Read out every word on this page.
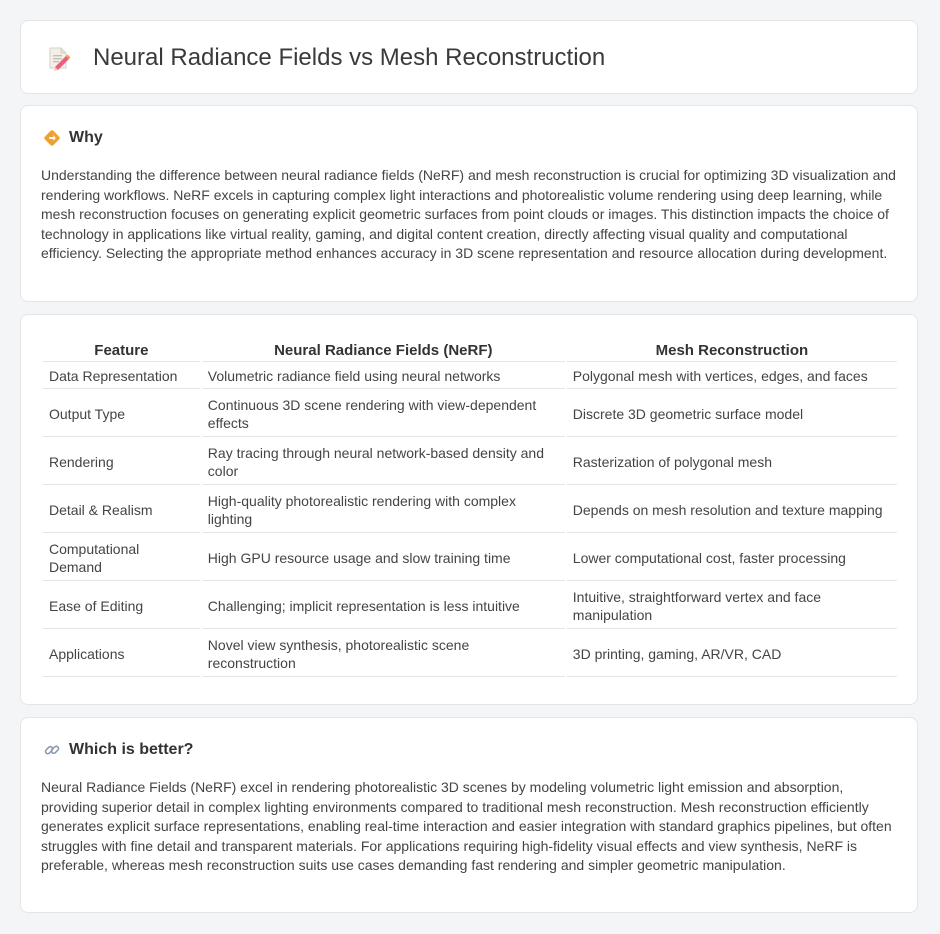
Neural Radiance Fields vs Mesh Reconstruction
Why

Understanding the difference between neural radiance fields (NeRF) and mesh reconstruction is crucial for optimizing 3D visualization and rendering workflows. NeRF excels in capturing complex light interactions and photorealistic volume rendering using deep learning, while mesh reconstruction focuses on generating explicit geometric surfaces from point clouds or images. This distinction impacts the choice of technology in applications like virtual reality, gaming, and digital content creation, directly affecting visual quality and computational efficiency. Selecting the appropriate method enhances accuracy in 3D scene representation and resource allocation during development.

Feature	Neural Radiance Fields (NeRF)	Mesh Reconstruction
Data Representation	Volumetric radiance field using neural networks	Polygonal mesh with vertices, edges, and faces
Output Type	Continuous 3D scene rendering with view-dependent effects	Discrete 3D geometric surface model
Rendering	Ray tracing through neural network-based density and color	Rasterization of polygonal mesh
Detail & Realism	High-quality photorealistic rendering with complex lighting	Depends on mesh resolution and texture mapping
Computational Demand	High GPU resource usage and slow training time	Lower computational cost, faster processing
Ease of Editing	Challenging; implicit representation is less intuitive	Intuitive, straightforward vertex and face manipulation
Applications	Novel view synthesis, photorealistic scene reconstruction	3D printing, gaming, AR/VR, CAD
Which is better?

Neural Radiance Fields (NeRF) excel in rendering photorealistic 3D scenes by modeling volumetric light emission and absorption, providing superior detail in complex lighting environments compared to traditional mesh reconstruction. Mesh reconstruction efficiently generates explicit surface representations, enabling real-time interaction and easier integration with standard graphics pipelines, but often struggles with fine detail and transparent materials. For applications requiring high-fidelity visual effects and view synthesis, NeRF is preferable, whereas mesh reconstruction suits use cases demanding fast rendering and simpler geometric manipulation.
